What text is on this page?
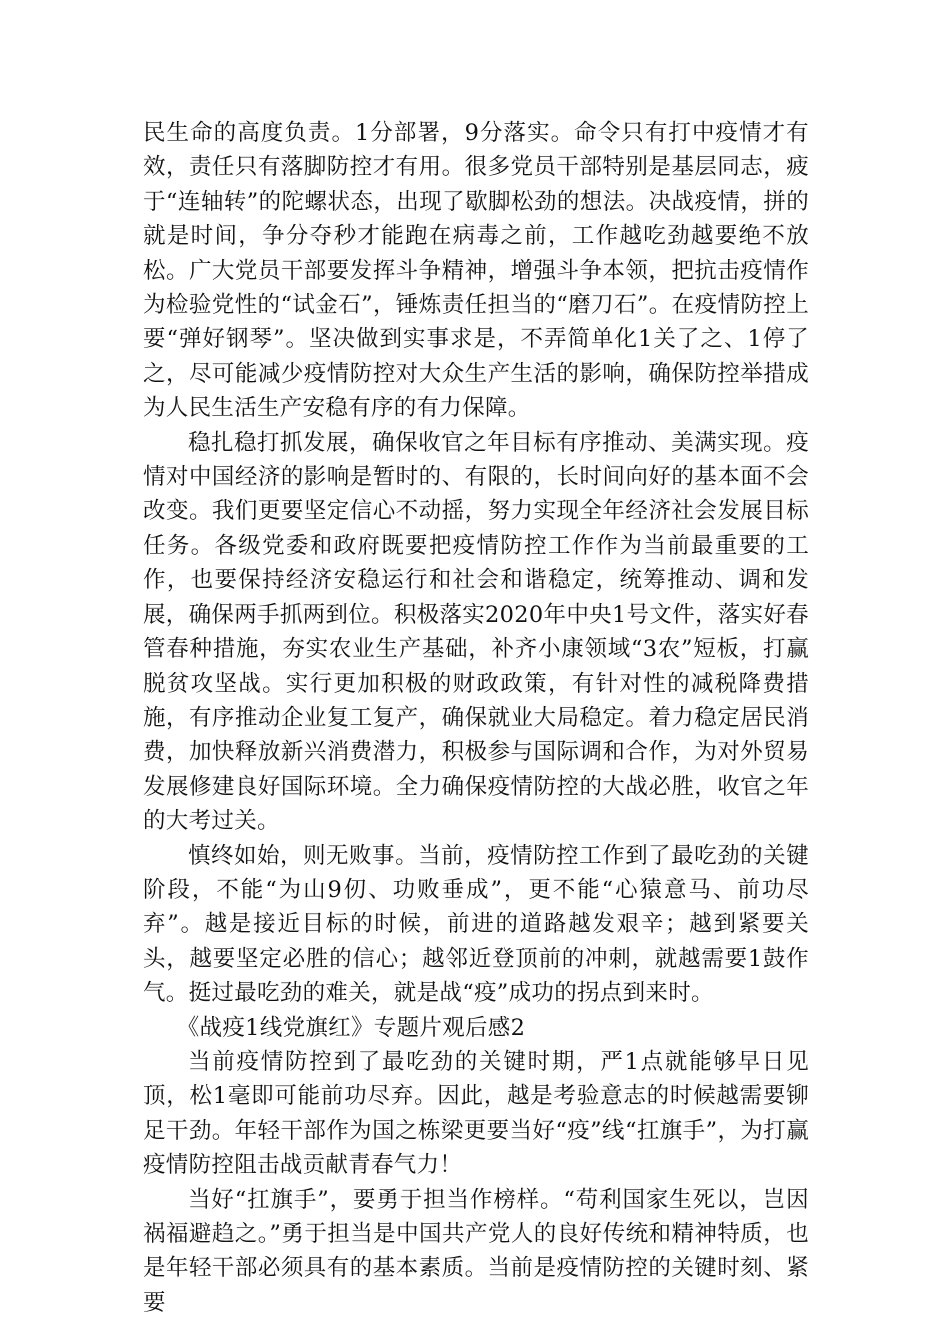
民生命的高度负责。1分部署，9分落实。命令只有打中疫情才有效，责任只有落脚防控才有用。很多党员干部特别是基层同志，疲于“连轴转”的陀螺状态，出现了歇脚松劲的想法。决战疫情，拼的就是时间，争分夺秒才能跑在病毒之前，工作越吃劲越要绝不放松。广大党员干部要发挥斗争精神，增强斗争本领，把抗击疫情作为检验党性的“试金石”，锤炼责任担当的“磨刀石”。在疫情防控上要“弹好钢琴”。坚决做到实事求是，不弄简单化1关了之、1停了之，尽可能减少疫情防控对大众生产生活的影响，确保防控举措成为人民生活生产安稳有序的有力保障。

稳扎稳打抓发展，确保收官之年目标有序推动、美满实现。疫情对中国经济的影响是暂时的、有限的，长时间向好的基本面不会改变。我们更要坚定信心不动摇，努力实现全年经济社会发展目标任务。各级党委和政府既要把疫情防控工作作为当前最重要的工作，也要保持经济安稳运行和社会和谐稳定，统筹推动、调和发展，确保两手抓两到位。积极落实2020年中央1号文件，落实好春管春种措施，夯实农业生产基础，补齐小康领域“3农”短板，打赢脱贫攻坚战。实行更加积极的财政政策，有针对性的减税降费措施，有序推动企业复工复产，确保就业大局稳定。着力稳定居民消费，加快释放新兴消费潜力，积极参与国际调和合作，为对外贸易发展修建良好国际环境。全力确保疫情防控的大战必胜，收官之年的大考过关。

慎终如始，则无败事。当前，疫情防控工作到了最吃劲的关键阶段，不能“为山9仞、功败垂成”，更不能“心猿意马、前功尽弃”。越是接近目标的时候，前进的道路越发艰辛；越到紧要关头，越要坚定必胜的信心；越邻近登顶前的冲刺，就越需要1鼓作气。挺过最吃劲的难关，就是战“疫”成功的拐点到来时。

《战疫1线党旗红》专题片观后感2

当前疫情防控到了最吃劲的关键时期，严1点就能够早日见顶，松1毫即可能前功尽弃。因此，越是考验意志的时候越需要铆足干劲。年轻干部作为国之栋梁更要当好“疫”线“扛旗手”，为打赢疫情防控阻击战贡献青春气力！

当好“扛旗手”，要勇于担当作榜样。“苟利国家生死以，岂因祸福避趋之。”勇于担当是中国共产党人的良好传统和精神特质，也是年轻干部必须具有的基本素质。当前是疫情防控的关键时刻、紧要
